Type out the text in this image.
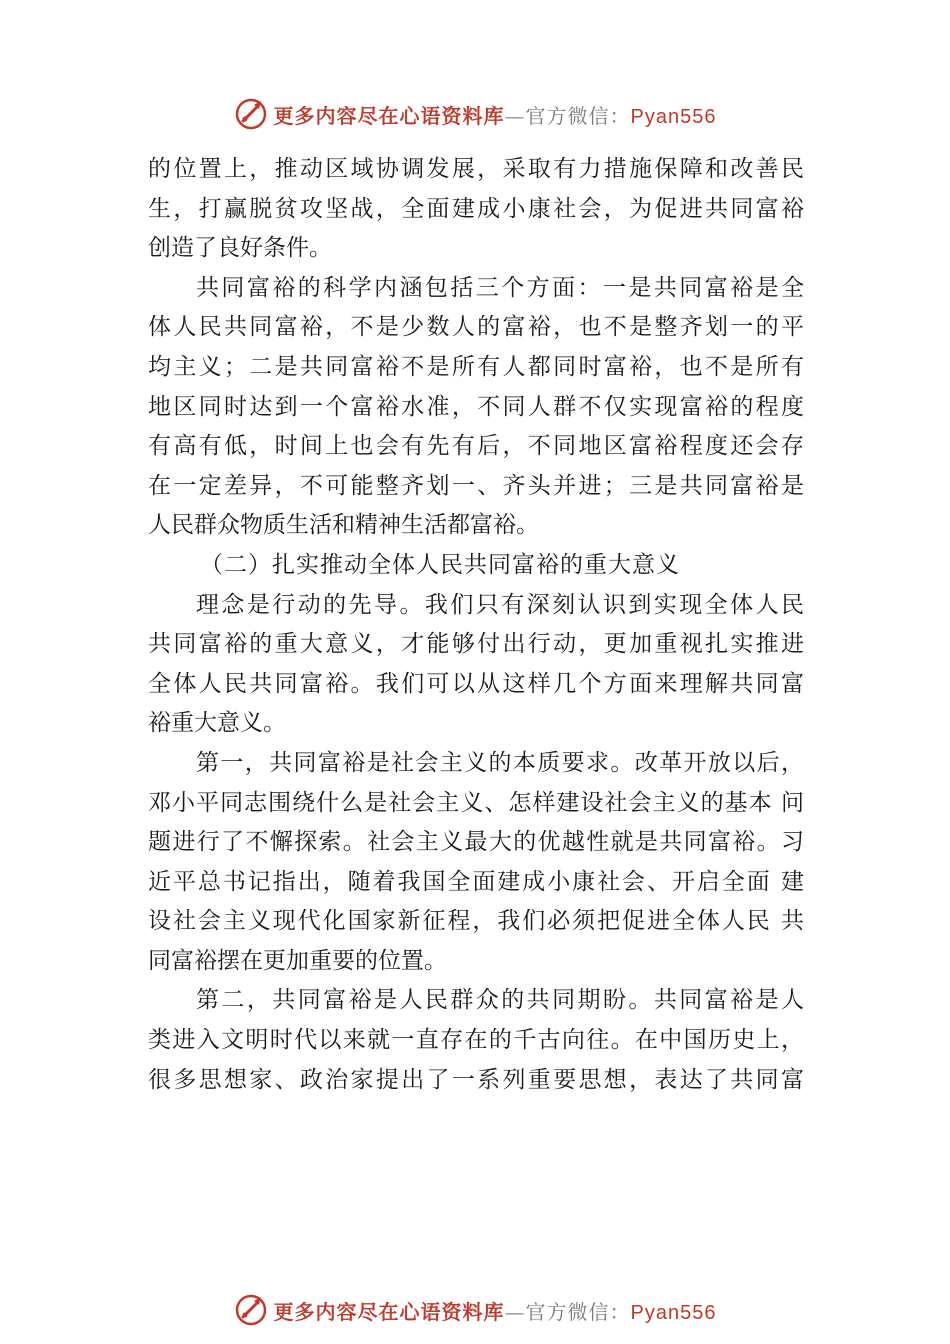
更多内容尽在心语资料库—官方微信：Pyan556
的位置上，推动区域协调发展，采取有力措施保障和改善民
生，打赢脱贫攻坚战，全面建成小康社会，为促进共同富裕
创造了良好条件。
共同富裕的科学内涵包括三个方面：一是共同富裕是全
体人民共同富裕，不是少数人的富裕，也不是整齐划一的平
均主义；二是共同富裕不是所有人都同时富裕，也不是所有
地区同时达到一个富裕水准，不同人群不仅实现富裕的程度
有高有低，时间上也会有先有后，不同地区富裕程度还会存
在一定差异，不可能整齐划一、齐头并进；三是共同富裕是
人民群众物质生活和精神生活都富裕。
（二）扎实推动全体人民共同富裕的重大意义
理念是行动的先导。我们只有深刻认识到实现全体人民
共同富裕的重大意义，才能够付出行动，更加重视扎实推进
全体人民共同富裕。我们可以从这样几个方面来理解共同富
裕重大意义。
第一，共同富裕是社会主义的本质要求。改革开放以后，
邓小平同志围绕什么是社会主义、怎样建设社会主义的基本 问
题进行了不懈探索。社会主义最大的优越性就是共同富裕。习
近平总书记指出，随着我国全面建成小康社会、开启全面 建
设社会主义现代化国家新征程，我们必须把促进全体人民 共
同富裕摆在更加重要的位置。
第二，共同富裕是人民群众的共同期盼。共同富裕是人
类进入文明时代以来就一直存在的千古向往。在中国历史上，
很多思想家、政治家提出了一系列重要思想，表达了共同富
更多内容尽在心语资料库—官方微信：Pyan556
